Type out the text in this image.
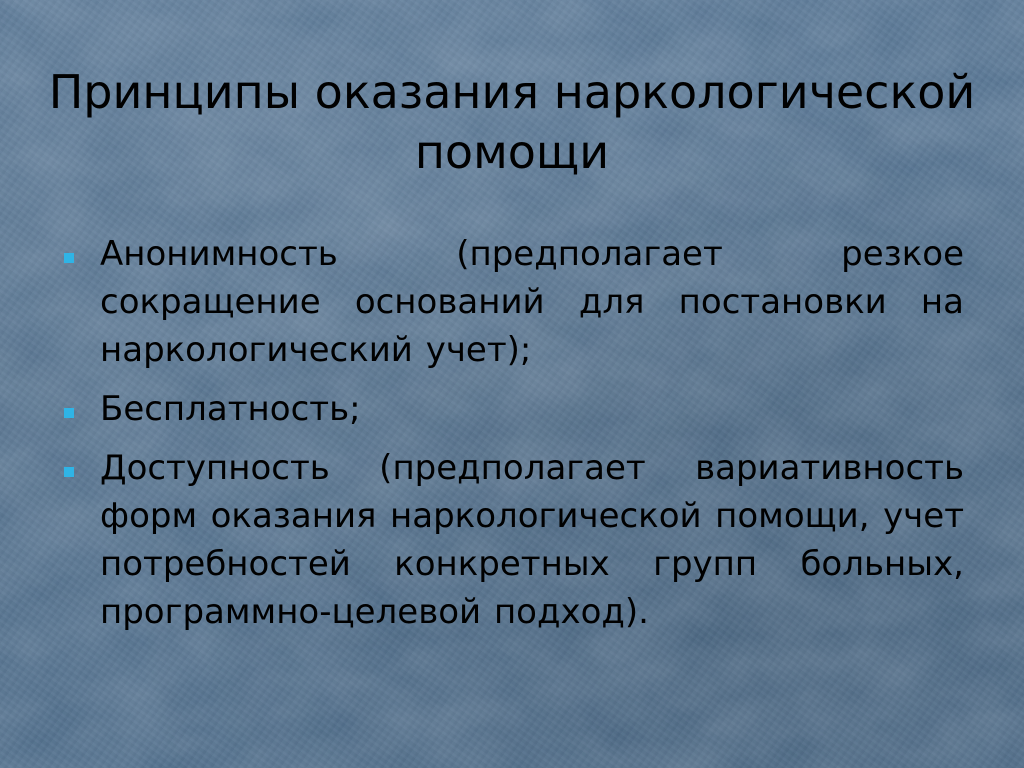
Принципы оказания наркологической помощи
Анонимность (предполагает резкое сокращение оснований для постановки на наркологический учет);
Бесплатность;
Доступность (предполагает вариативность форм оказания наркологической помощи, учет потребностей конкретных групп больных, программно-целевой подход).
